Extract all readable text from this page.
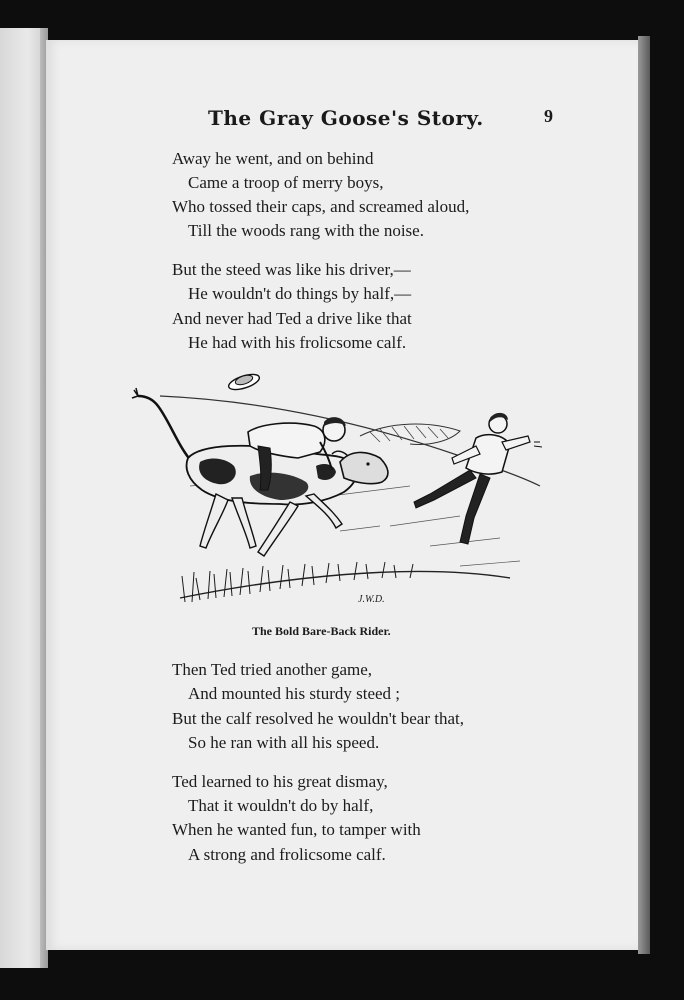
The Gray Goose's Story.	9
Away he went, and on behind
Came a troop of merry boys,
Who tossed their caps, and screamed aloud,
Till the woods rang with the noise.
But the steed was like his driver,—
He wouldn't do things by half,—
And never had Ted a drive like that
He had with his frolicsome calf.
J.W.D.
The Bold Bare-Back Rider.
Then Ted tried another game,
And mounted his sturdy steed ;
But the calf resolved he wouldn't bear that,
So he ran with all his speed.
Ted learned to his great dismay,
That it wouldn't do by half,
When he wanted fun, to tamper with
A strong and frolicsome calf.
